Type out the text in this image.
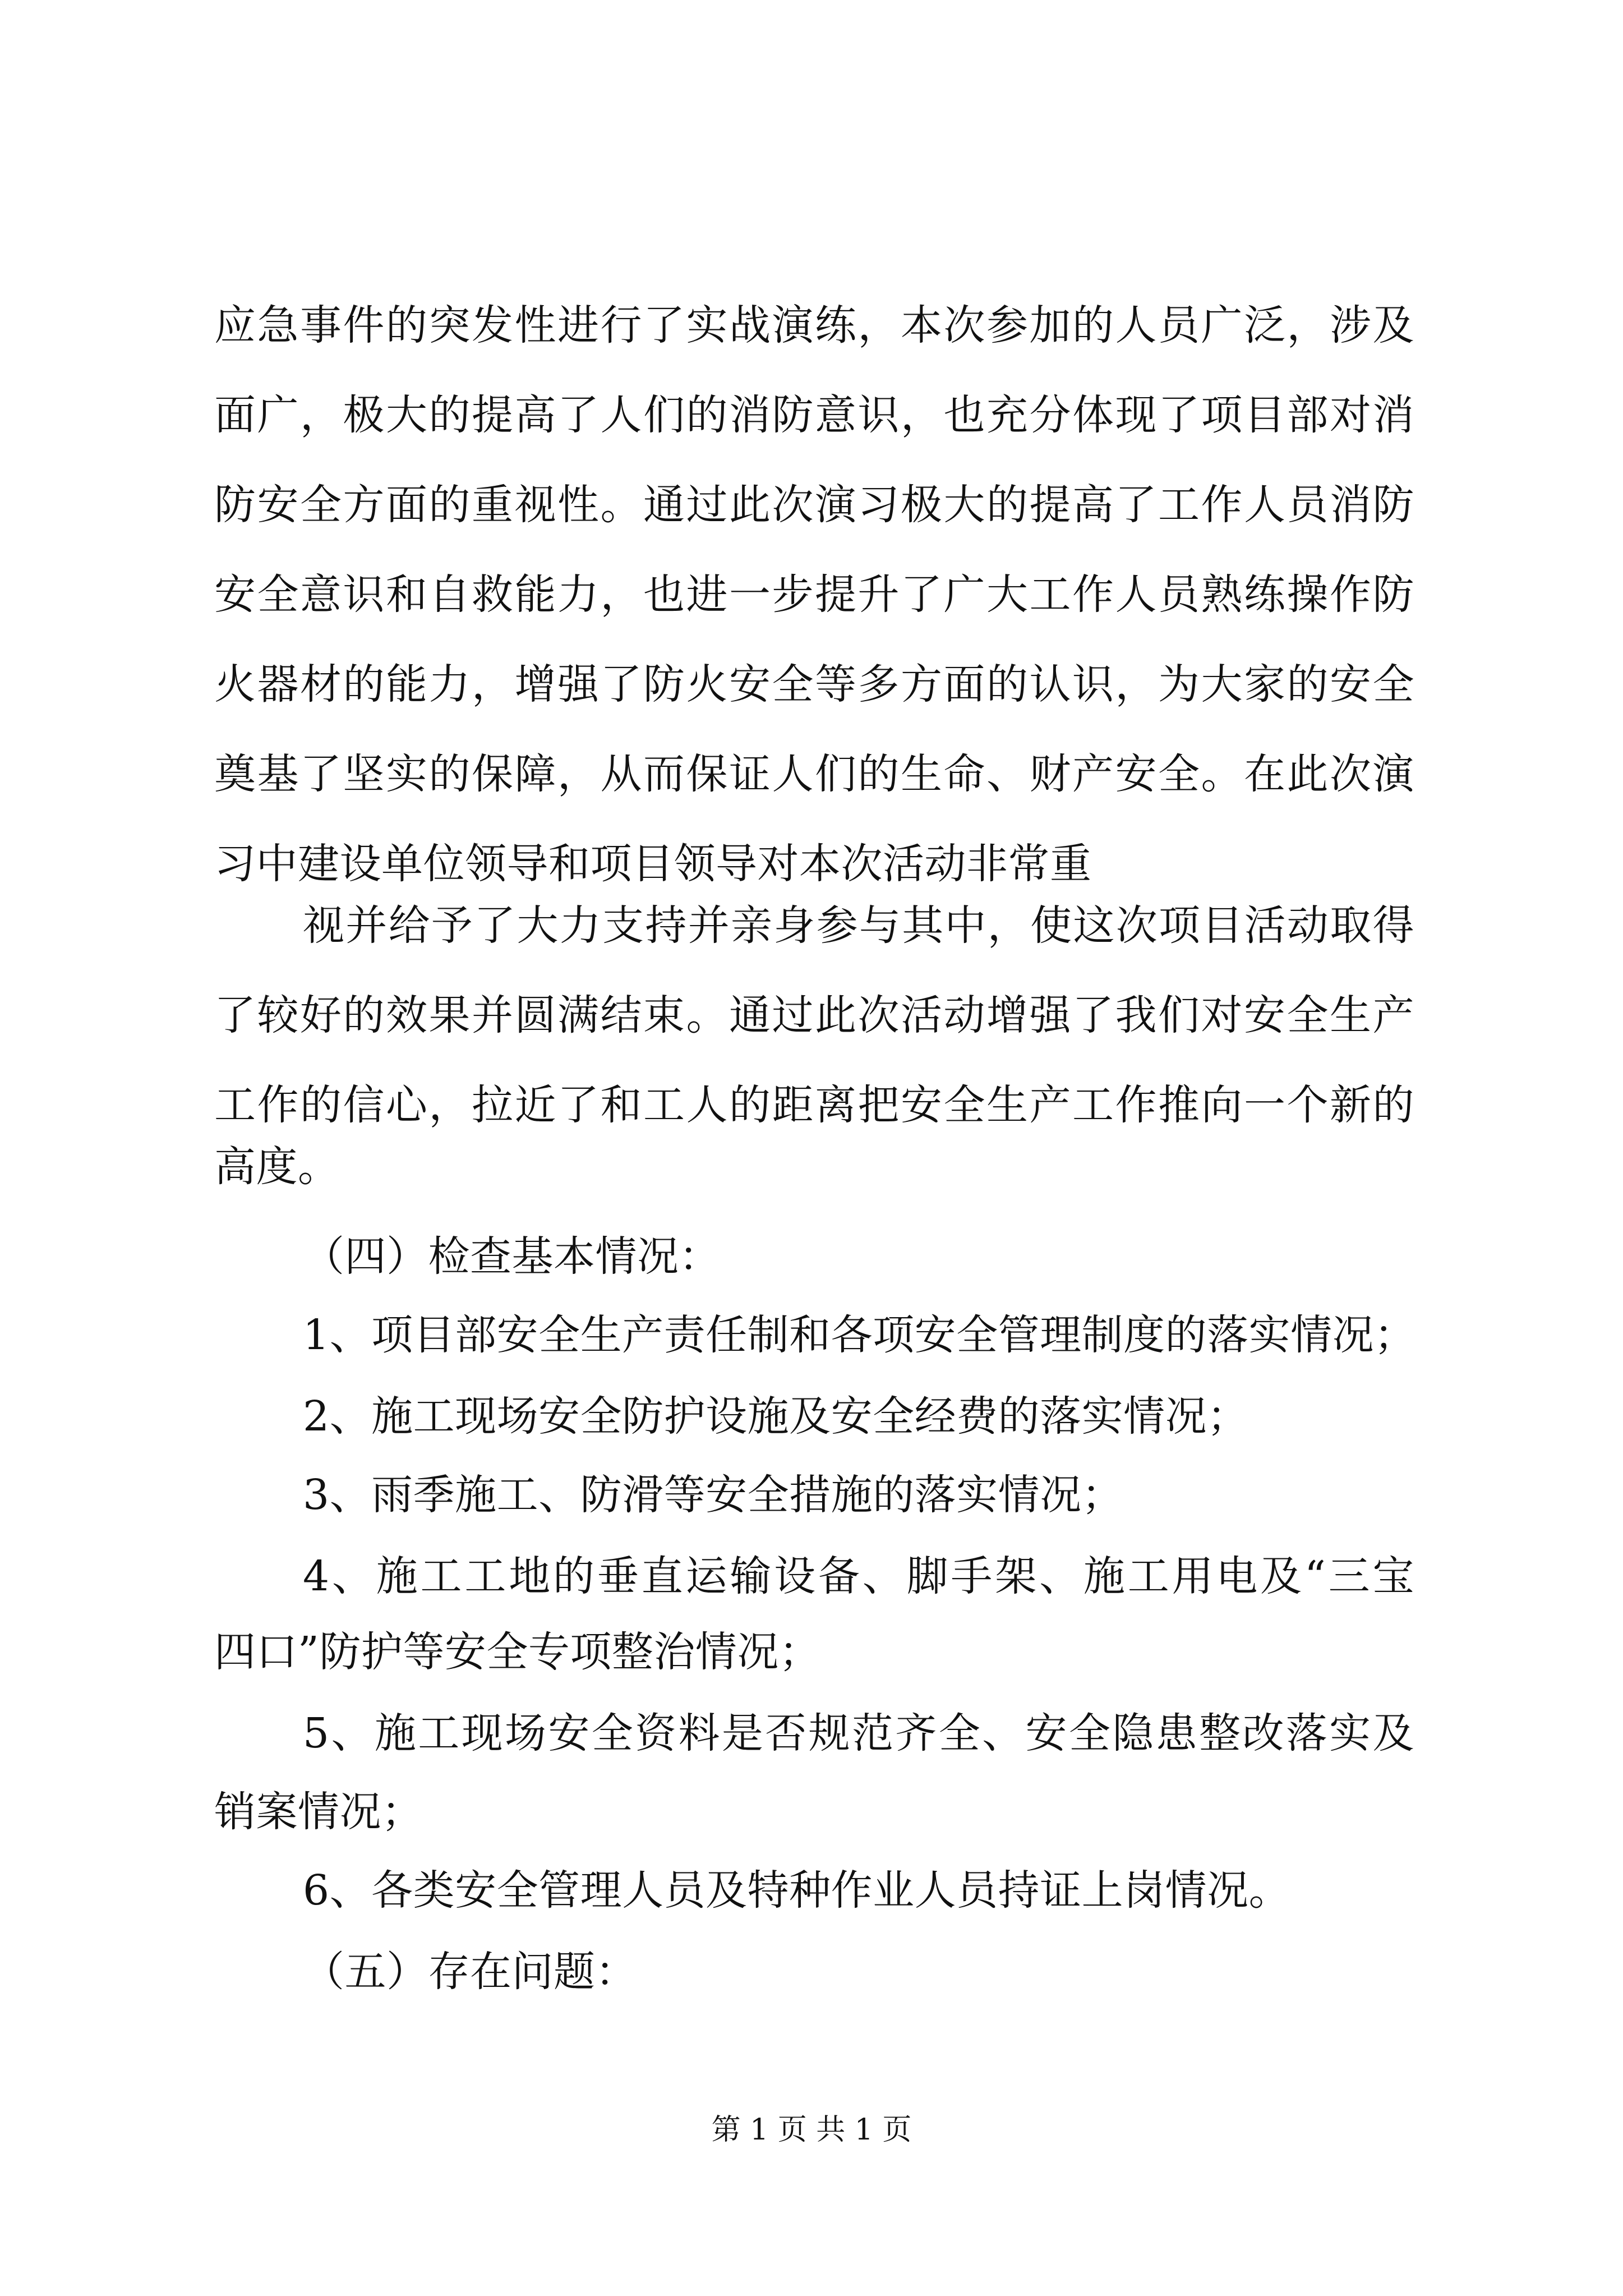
应急事件的突发性进行了实战演练，本次参加的人员广泛，涉及
面广，极大的提高了人们的消防意识，也充分体现了项目部对消
防安全方面的重视性。通过此次演习极大的提高了工作人员消防
安全意识和自救能力，也进一步提升了广大工作人员熟练操作防
火器材的能力，增强了防火安全等多方面的认识，为大家的安全
奠基了坚实的保障，从而保证人们的生命、财产安全。在此次演
习中建设单位领导和项目领导对本次活动非常重
视并给予了大力支持并亲身参与其中，使这次项目活动取得
了较好的效果并圆满结束。通过此次活动增强了我们对安全生产
工作的信心，拉近了和工人的距离把安全生产工作推向一个新的
高度。
（四）检查基本情况：
1、项目部安全生产责任制和各项安全管理制度的落实情况；
2、施工现场安全防护设施及安全经费的落实情况；
3、雨季施工、防滑等安全措施的落实情况；
4、施工工地的垂直运输设备、脚手架、施工用电及“三宝
四口”防护等安全专项整治情况；
5、施工现场安全资料是否规范齐全、安全隐患整改落实及
销案情况；
6、各类安全管理人员及特种作业人员持证上岗情况。
（五）存在问题：
第 1 页 共 1 页
